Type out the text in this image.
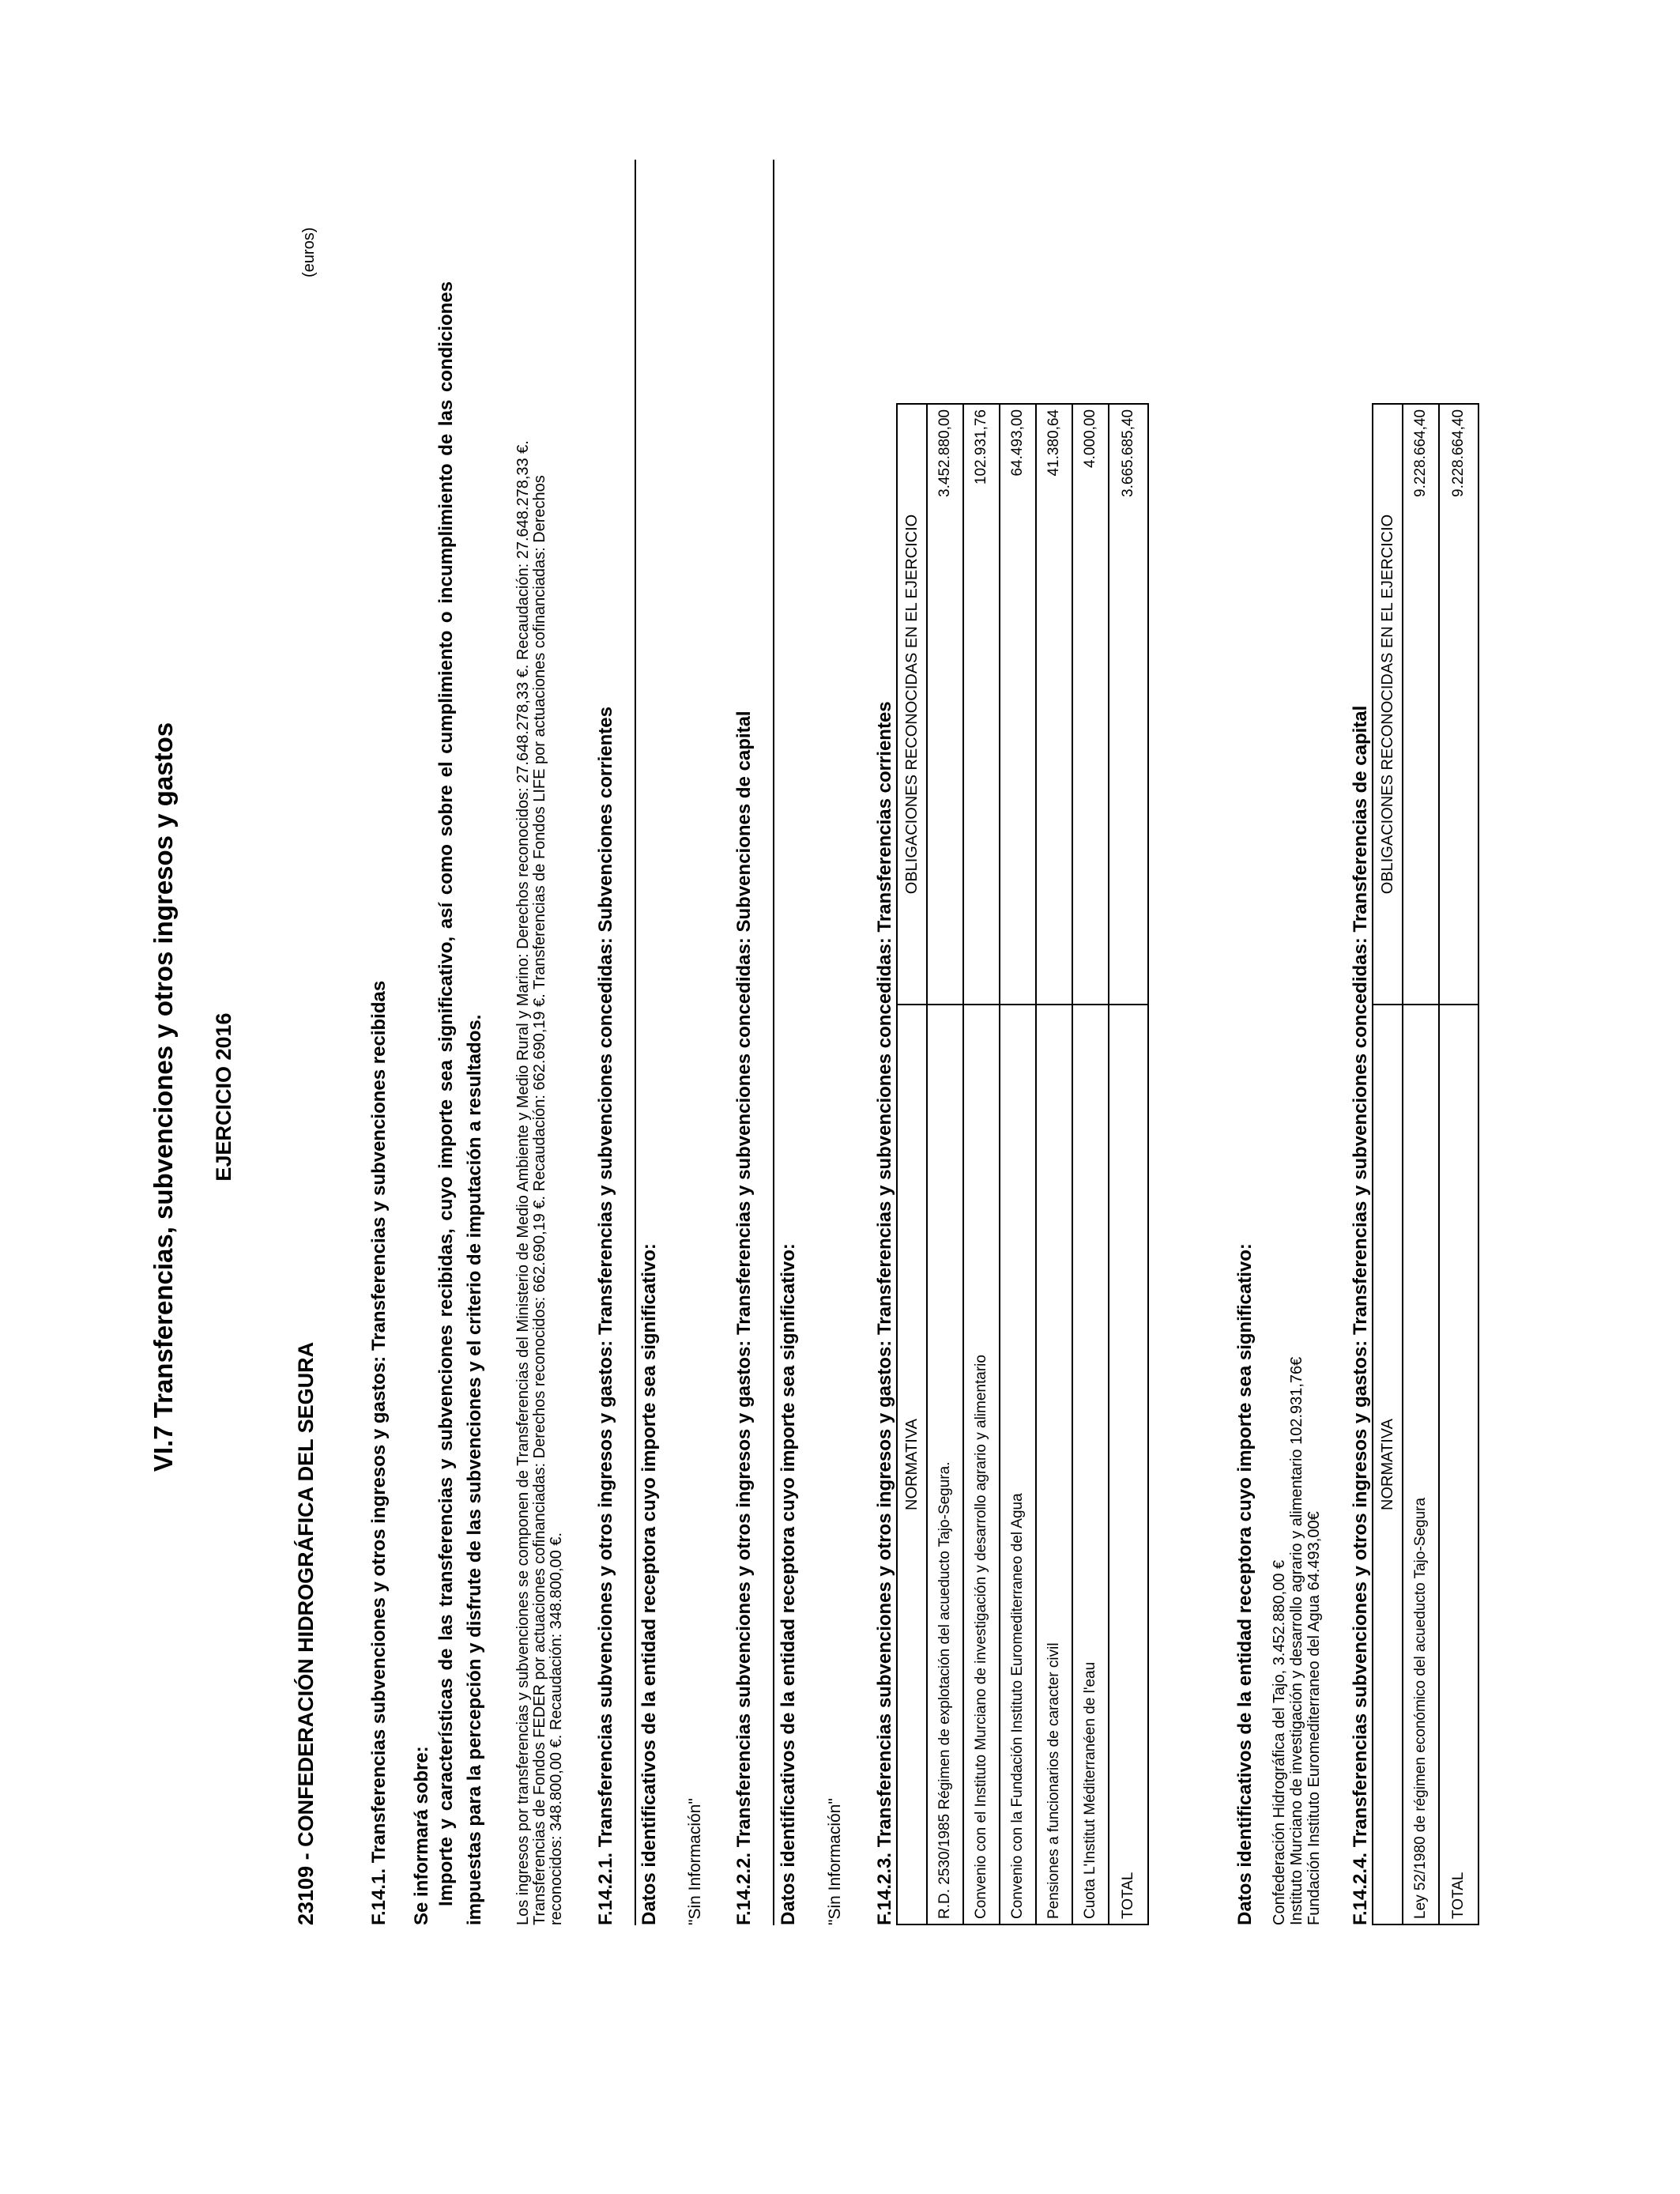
VI.7 Transferencias, subvenciones y otros ingresos y gastos EJERCICIO 2016
(euros)
23109 - CONFEDERACIÓN HIDROGRÁFICA DEL SEGURA	F.14.1. Transferencias subvenciones y otros ingresos y gastos: Transferencias y subvenciones recibidas Se informará sobre: Importe y características de las transferencias y subvenciones recibidas, cuyo importe sea significativo, así como sobre el cumplimiento o incumplimiento de las condiciones impuestas para la percepción y disfrute de las subvenciones y el criterio de imputación a resultados. Los ingresos por transferencias y subvenciones se componen de Transferencias del Ministerio de Medio Ambiente y Medio Rural y Marino: Derechos reconocidos: 27.648.278,33 €. Recaudación: 27.648.278,33 €. Transferencias de Fondos FEDER por actuaciones cofinanciadas: Derechos reconocidos: 662.690,19 €. Recaudación: 662.690,19 €. Transferencias de Fondos LIFE por actuaciones cofinanciadas: Derechos reconocidos: 348.800,00 €. Recaudación: 348.800,00 €. F.14.2.1. Transferencias subvenciones y otros ingresos y gastos: Transferencias y subvenciones concedidas: Subvenciones corrientes Datos identificativos de la entidad receptora cuyo importe sea significativo: "Sin Información" F.14.2.2. Transferencias subvenciones y otros ingresos y gastos: Transferencias y subvenciones concedidas: Subvenciones de capital Datos identificativos de la entidad receptora cuyo importe sea significativo: "Sin Información" F.14.2.3. Transferencias subvenciones y otros ingresos y gastos: Transferencias y subvenciones concedidas: Transferencias corrientes NORMATIVA	OBLIGACIONES RECONOCIDAS EN EL EJERCICIO
R.D. 2530/1985 Régimen de explotación del acueducto Tajo-Segura.	3.452.880,00
Convenio con el Instituto Murciano de investigación y desarrollo agrario y alimentario	102.931,76
Convenio con la Fundación Instituto Euromediterraneo del Agua	64.493,00
Pensiones a funcionarios de caracter civil	41.380,64
Cuota L'Institut Méditerranéen de l'eau	4.000,00
TOTAL	3.665.685,40
Datos identificativos de la entidad receptora cuyo importe sea significativo: Confederación Hidrográfica del Tajo, 3.452.880,00 € Instituto Murciano de investigación y desarrollo agrario y alimentario 102.931,76€ Fundación Instituto Euromediterraneo del Agua 64.493,00€ F.14.2.4. Transferencias subvenciones y otros ingresos y gastos: Transferencias y subvenciones concedidas: Transferencias de capital NORMATIVA	OBLIGACIONES RECONOCIDAS EN EL EJERCICIO
Ley 52/1980 de régimen económico del acueducto Tajo-Segura	9.228.664,40
TOTAL	9.228.664,40
